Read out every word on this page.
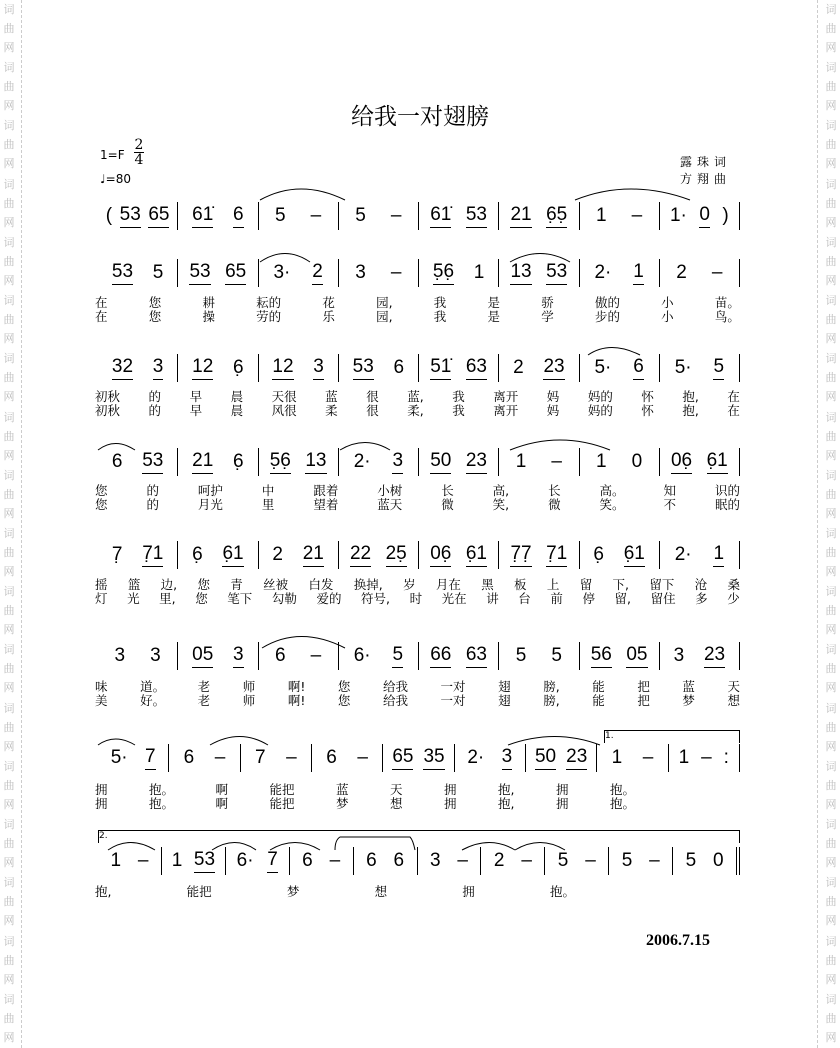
词
曲
网
词
曲
网
词
曲
网
词
曲
网
词
曲
网
词
曲
网
词
曲
网
词
曲
网
词
曲
网
词
曲
网
词
曲
网
词
曲
网
词
曲
网
词
曲
网
词
曲
网
词
曲
网
词
曲
网
词
曲
网
词
曲
网
词
曲
网
词
曲
网
词
曲
网
词
曲
网
词
曲
网
词
曲
网
词
曲
网
词
曲
网
词
曲
网
词
曲
网
词
曲
网
词
曲
网
词
曲
网
词
曲
网
词
曲
网
词
曲
网
词
曲
网
给我一对翅膀
1=F
2
4
♩=80
露珠词
方翔曲
( 53 65 61̇ 6 5 – 5 – 61̇ 53 21 6̣5̣ 1 – 1· 0 )
53 5 53 65 3· 2 3 – 5̣6̣ 1 13 53 2· 1 2 –
在	您	耕	耘的	花	园,	我	是	骄	傲的	小	苗。
在	您	操	劳的	乐	园,	我	是	学	步的	小	鸟。
32 3 12 6̣ 12 3 53 6 51̇ 63 2 23 5· 6 5· 5
初秋 的 早 晨 天很 蓝 很 蓝, 我 离开 妈 妈的 怀 抱, 在
初秋 的 早 晨 风很 柔 很 柔, 我 离开 妈 妈的 怀 抱, 在
6 53 21 6̣ 5̣6̣ 13 2· 3 50 23 1 – 1 0 06̣ 6̣1
您	的	呵护	中	跟着	小树	长	高,	长	高。	知	识的
您	的	月光	里	望着	蓝天	微	笑,	微	笑。	不	眠的
7̣ 7̣1 6̣ 6̣1 2 21 22 25̣ 06̣ 6̣1 7̣7̣ 7̣1 6̣ 6̣1 2· 1
摇 篮 边, 您 青 丝被 白发 换掉, 岁 月在 黑 板 上 留 下, 留下 沧 桑
灯 光 里, 您 笔下 勾勒 爱的 符号, 时 光在 讲 台 前 停 留, 留住 多 少
3 3 05 3 6 – 6· 5 66 63 5 5 56 05 3 23
味	道。	老	师	啊!	您	给我	一对	翅	膀,	能	把	蓝	天
美	好。	老	师	啊!	您	给我	一对	翅	膀,	能	把	梦	想
5· 7 6 – 7 – 6 – 65 35 2· 3 50 23 1 – 1 – :
拥	抱。	啊	能把	蓝	天	拥	抱,	拥	抱。
拥	抱。	啊	能把	梦	想	拥	抱,	拥	抱。
1 – 1 53 6· 7 6 – 6 6 3 – 2 – 5 – 5 – 5 0
抱,	能把	梦	想	拥	抱。
1.
2.
2006.7.15
